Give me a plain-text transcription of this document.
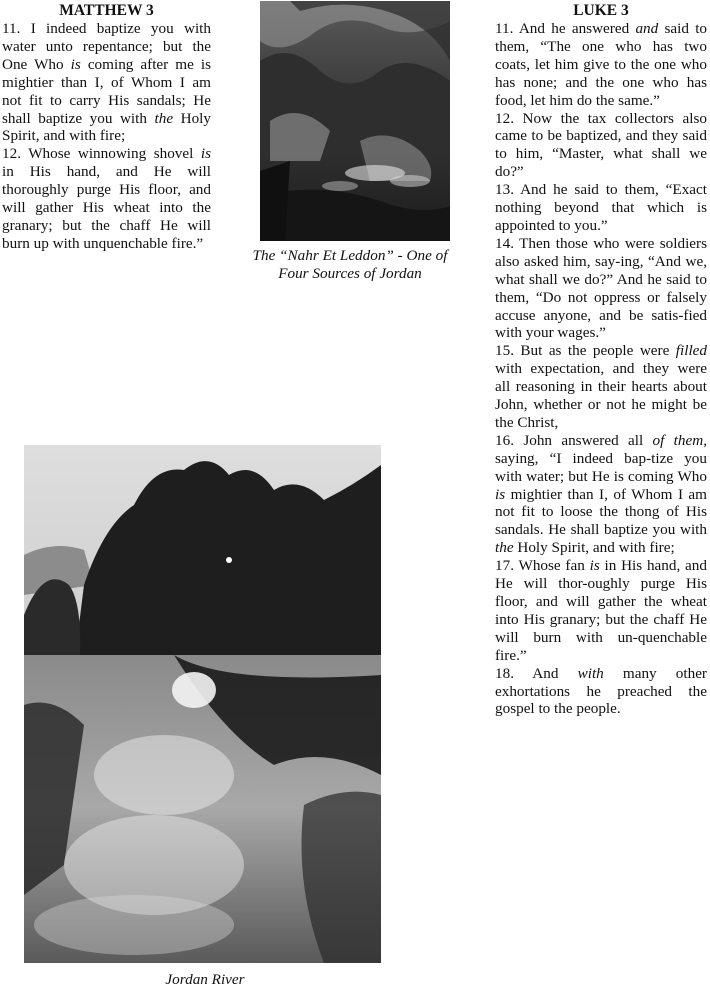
MATTHEW 3

11. I indeed baptize you with water unto repentance; but the One Who is coming after me is mightier than I, of Whom I am not fit to carry His sandals; He shall baptize you with the Holy Spirit, and with fire;

12. Whose winnowing shovel is in His hand, and He will thoroughly purge His floor, and will gather His wheat into the granary; but the chaff He will burn up with unquenchable fire.”

The “Nahr Et Leddon” - One of Four Sources of Jordan
LUKE 3

11. And he answered and said to them, “The one who has two coats, let him give to the one who has none; and the one who has food, let him do the same.”

12. Now the tax collectors also came to be baptized, and they said to him, “Master, what shall we do?”

13. And he said to them, “Exact nothing beyond that which is appointed to you.”

14. Then those who were soldiers also asked him, say-ing, “And we, what shall we do?” And he said to them, “Do not oppress or falsely accuse anyone, and be satis-fied with your wages.”

15. But as the people were filled with expectation, and they were all reasoning in their hearts about John, whether or not he might be the Christ,

16. John answered all of them, saying, “I indeed bap-tize you with water; but He is coming Who is mightier than I, of Whom I am not fit to loose the thong of His sandals. He shall baptize you with the Holy Spirit, and with fire;

17. Whose fan is in His hand, and He will thor-oughly purge His floor, and will gather the wheat into His granary; but the chaff He will burn with un-quenchable fire.”

18. And with many other exhortations he preached the gospel to the people.

Jordan River
